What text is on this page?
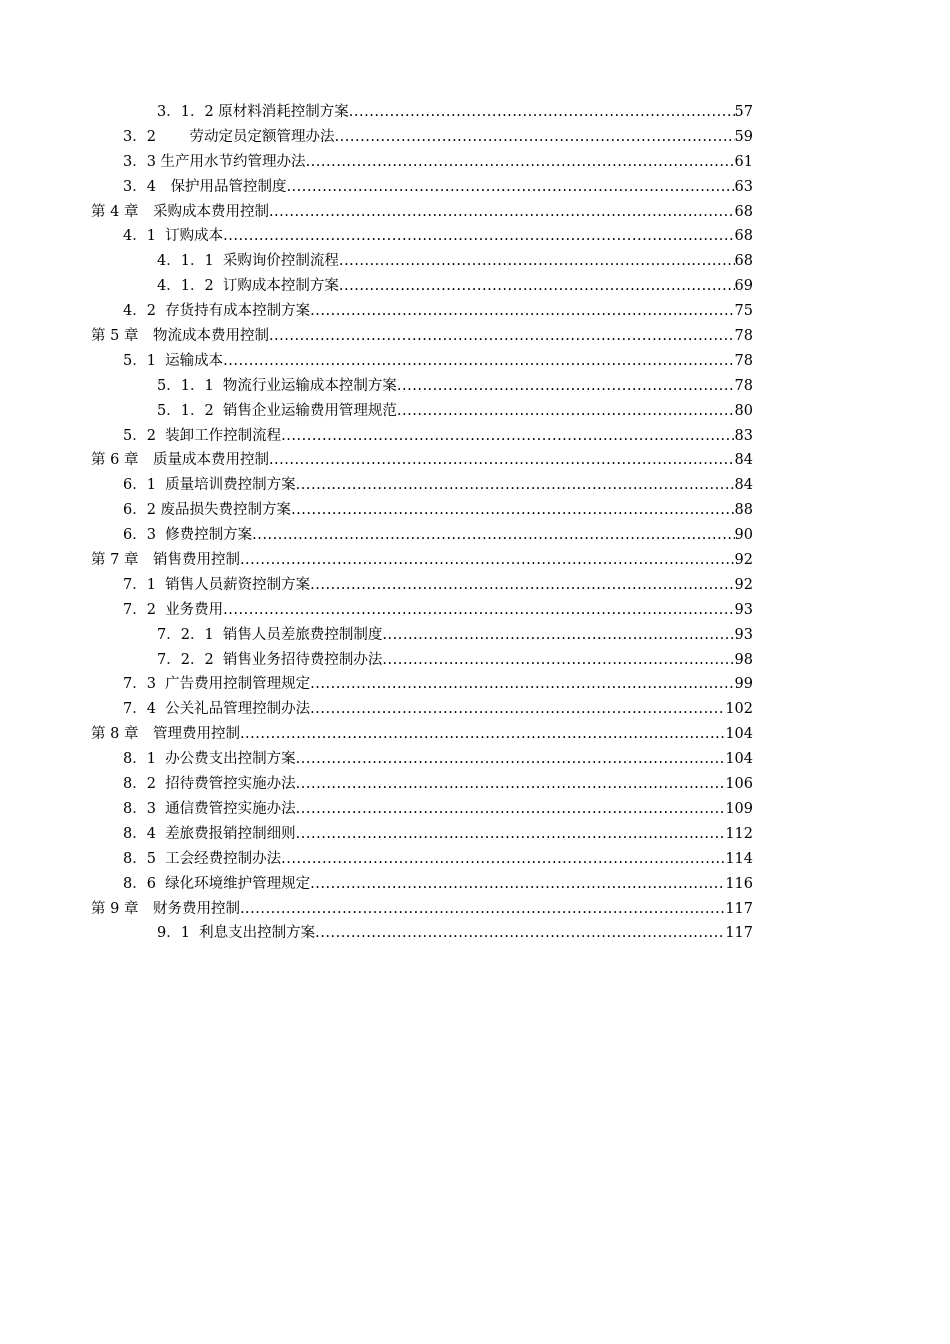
3．1．2 原材料消耗控制方案 .....	57
3．2 　　劳动定员定额管理办法 .....	59
3．3 生产用水节约管理办法 .....	61
3．4　保护用品管控制度 .....	63
第 4 章　采购成本费用控制 .....	68
4．1  订购成本 .....	68
4．1．1  采购询价控制流程 .....	68
4．1．2  订购成本控制方案 .....	69
4．2  存货持有成本控制方案 .....	75
第 5 章　物流成本费用控制 .....	78
5．1  运输成本 .....	78
5．1．1  物流行业运输成本控制方案 .....	78
5．1．2  销售企业运输费用管理规范 .....	80
5．2  装卸工作控制流程 .....	83
第 6 章　质量成本费用控制 .....	84
6．1  质量培训费控制方案 .....	84
6．2 废品损失费控制方案 .....	88
6．3  修费控制方案 .....	90
第 7 章　销售费用控制 .....	92
7．1  销售人员薪资控制方案 .....	92
7．2  业务费用 .....	93
7．2．1  销售人员差旅费控制制度 .....	93
7．2．2  销售业务招待费控制办法 .....	98
7．3  广告费用控制管理规定 .....	99
7．4  公关礼品管理控制办法 .....	102
第 8 章　管理费用控制 .....	104
8．1  办公费支出控制方案 .....	104
8．2  招待费管控实施办法 .....	106
8．3  通信费管控实施办法 .....	109
8．4  差旅费报销控制细则 .....	112
8．5  工会经费控制办法 .....	114
8．6  绿化环境维护管理规定 .....	116
第 9 章　财务费用控制 .....	117
9．1  利息支出控制方案 .....	117
